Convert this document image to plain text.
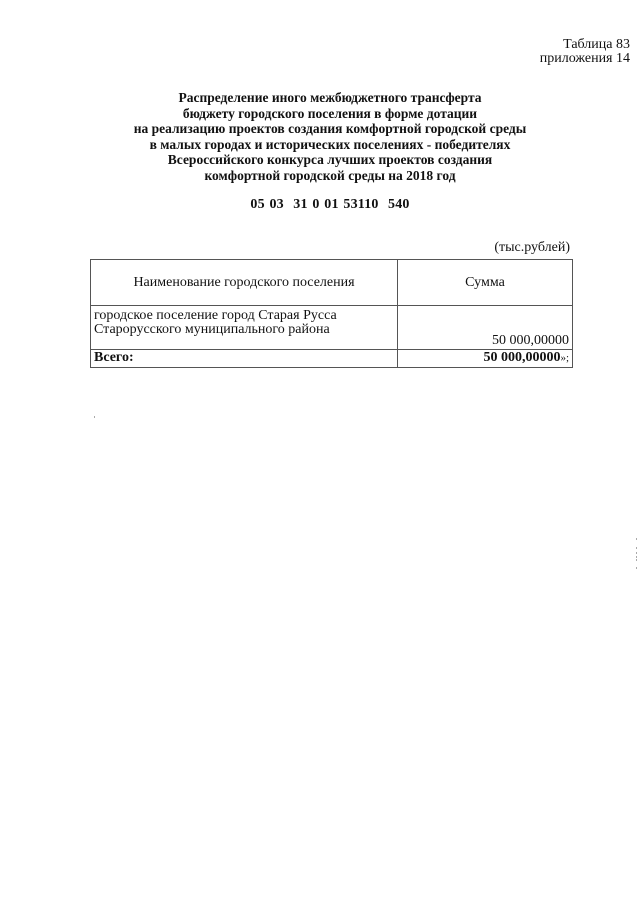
Таблица 83
приложения 14
Распределение иного межбюджетного трансферта
бюджету городского поселения в форме дотации
на реализацию проектов создания комфортной городской среды
в малых городах и исторических поселениях - победителях
Всероссийского конкурса лучших проектов создания
комфортной городской среды на 2018 год
05 03  31 0 01 53110  540
(тыс.рублей)
Наименование городского поселения	Сумма

городское поселение город Старая Русса
Старорусского муниципального района	50 000,00000
Всего:	50 000,00000»;
